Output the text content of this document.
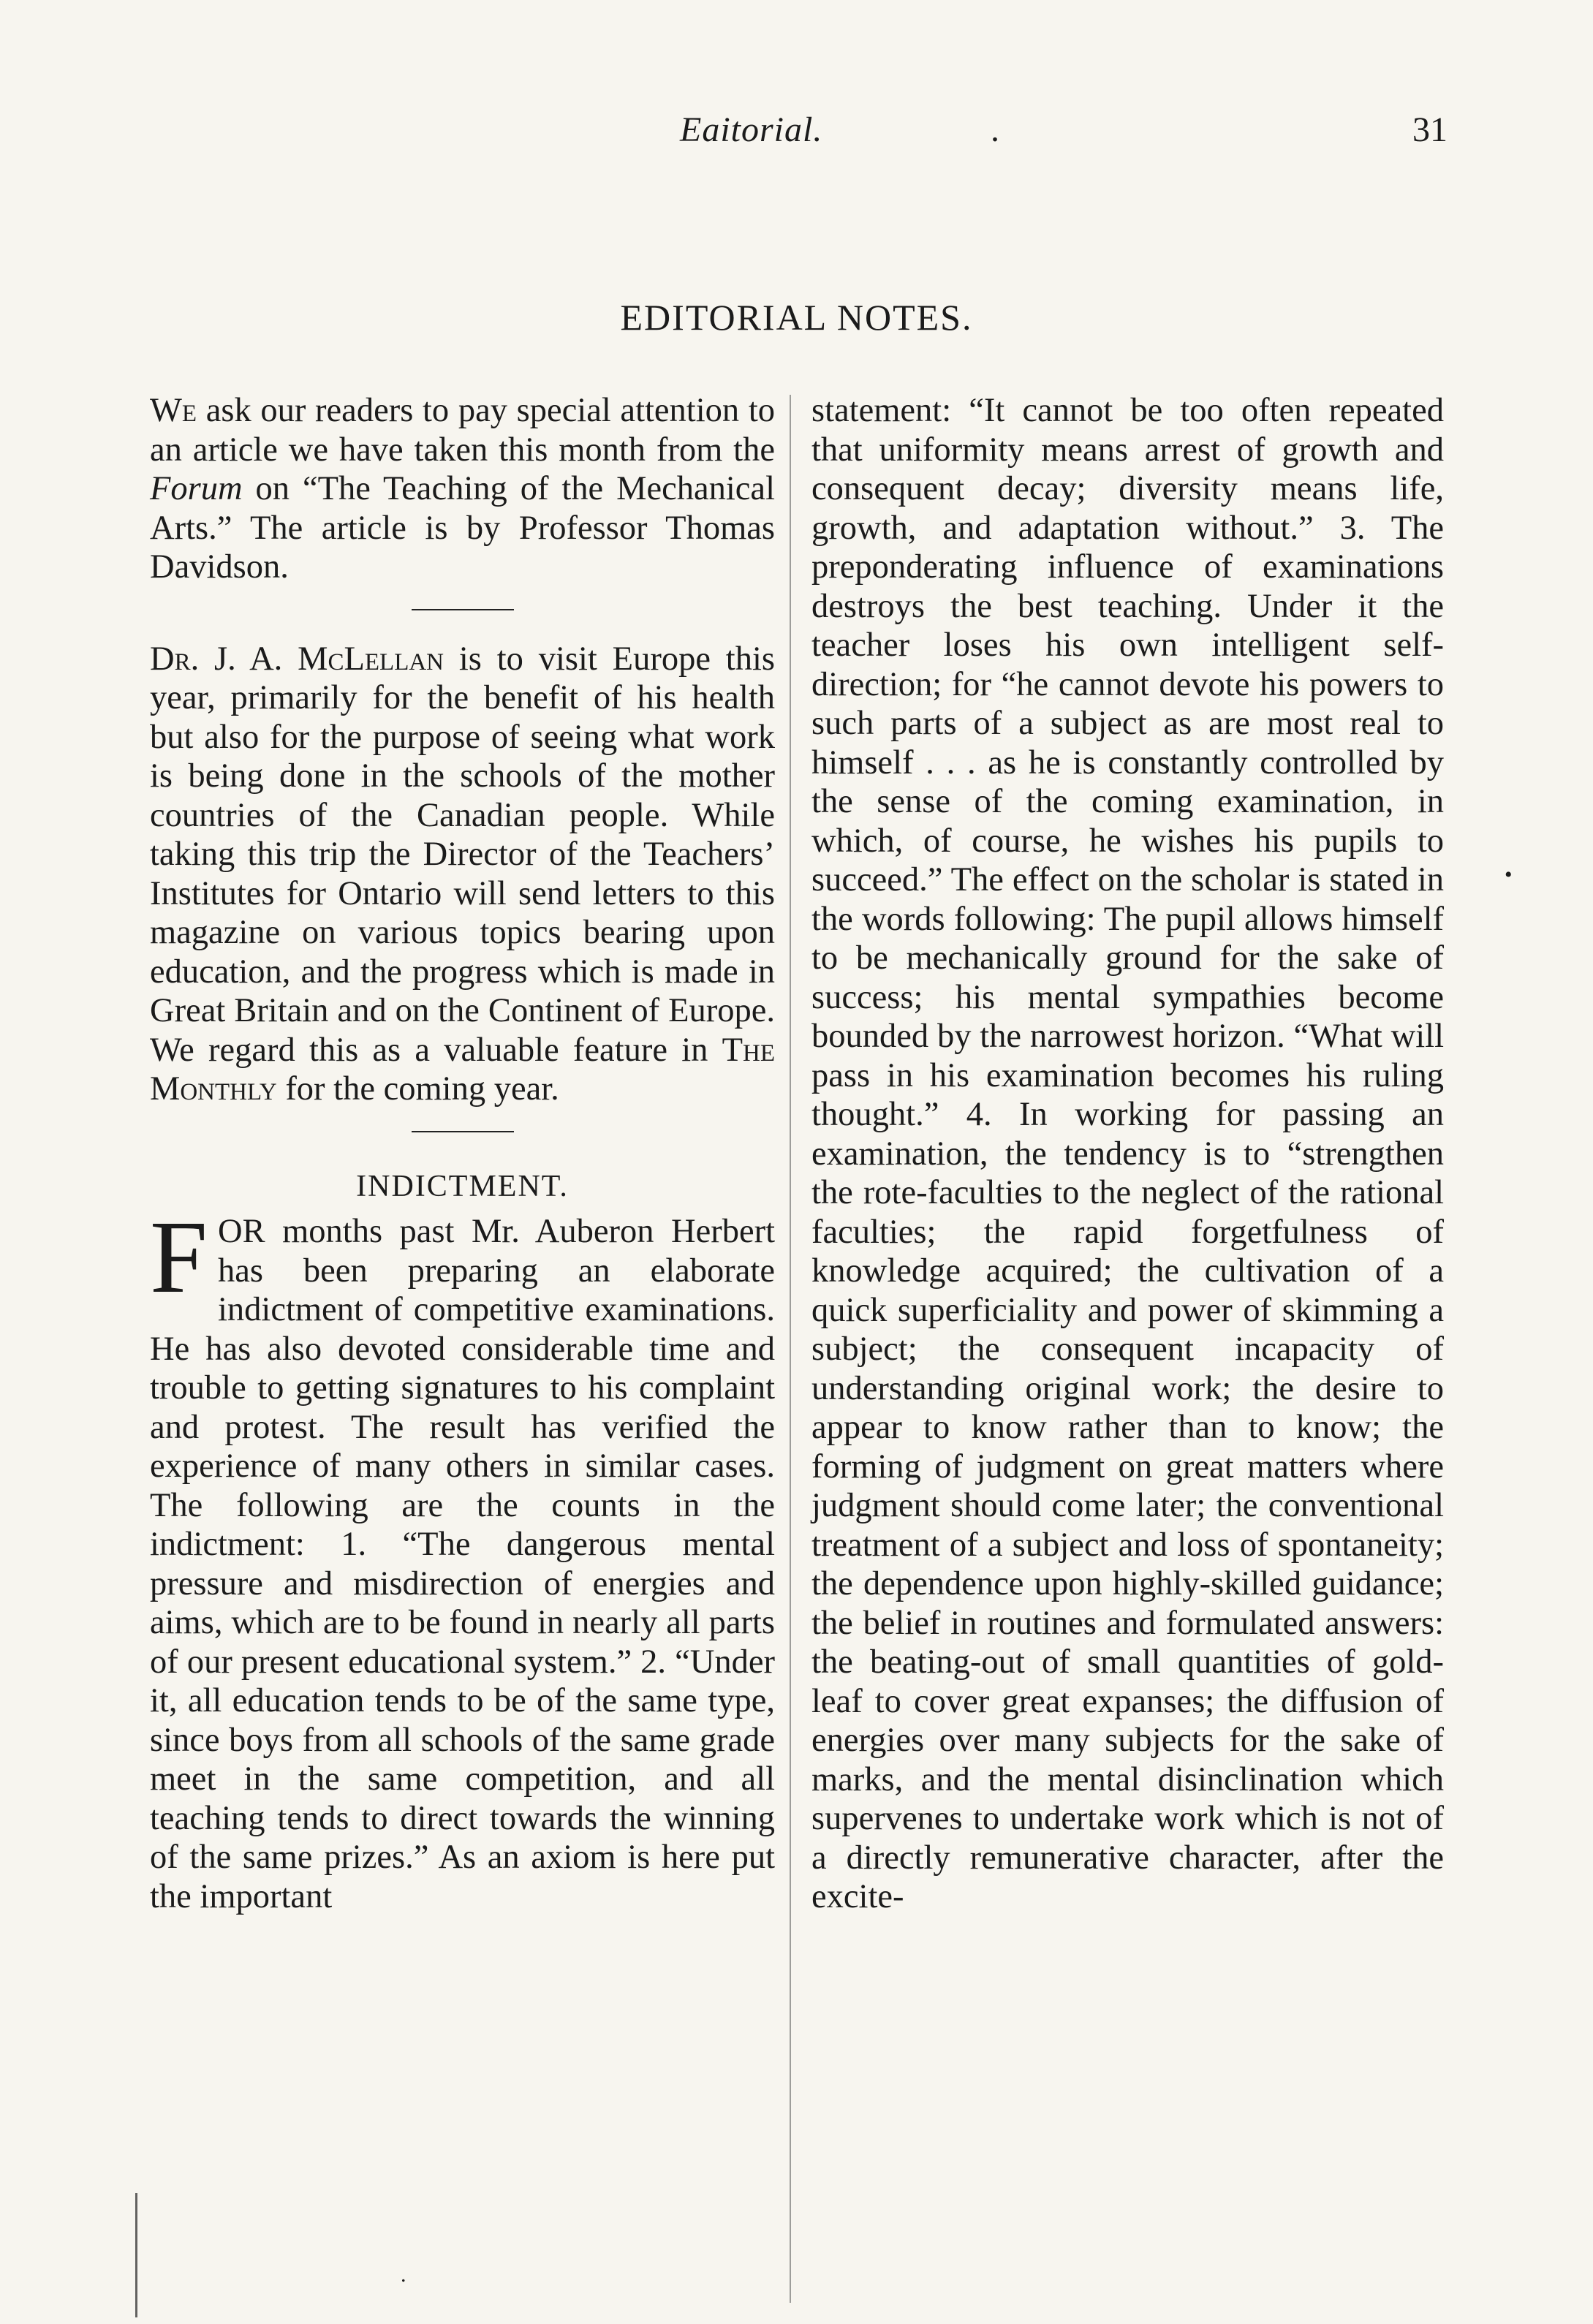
Eaitorial.	.	31
EDITORIAL NOTES.

We ask our readers to pay special attention to an article we have taken this month from the Forum on “The Teaching of the Mechanical Arts.” The article is by Professor Thomas Davidson.

Dr. J. A. McLellan is to visit Europe this year, primarily for the benefit of his health but also for the purpose of seeing what work is being done in the schools of the mother countries of the Canadian people. While taking this trip the Director of the Teachers’ Institutes for Ontario will send letters to this magazine on various topics bearing upon education, and the progress which is made in Great Britain and on the Continent of Europe. We regard this as a valuable feature in The Monthly for the coming year.

INDICTMENT.

FOR months past Mr. Auberon Herbert has been preparing an elaborate indictment of competitive examinations. He has also devoted considerable time and trouble to getting signatures to his complaint and protest. The result has verified the experience of many others in similar cases. The following are the counts in the indictment: 1. “The dangerous mental pressure and misdirection of energies and aims, which are to be found in nearly all parts of our present educational system.” 2. “Under it, all education tends to be of the same type, since boys from all schools of the same grade meet in the same competition, and all teaching tends to direct towards the winning of the same prizes.” As an axiom is here put the important

statement: “It cannot be too often repeated that uniformity means arrest of growth and consequent decay; diversity means life, growth, and adaptation without.” 3. The preponderating influence of examinations destroys the best teaching. Under it the teacher loses his own intelligent self-direction; for “he cannot devote his powers to such parts of a subject as are most real to himself . . . as he is constantly controlled by the sense of the coming examination, in which, of course, he wishes his pupils to succeed.” The effect on the scholar is stated in the words following: The pupil allows himself to be mechanically ground for the sake of success; his mental sympathies become bounded by the narrowest horizon. “What will pass in his examination becomes his ruling thought.” 4. In working for passing an examination, the tendency is to “strengthen the rote-faculties to the neglect of the rational faculties; the rapid forgetfulness of knowledge acquired; the cultivation of a quick superficiality and power of skimming a subject; the consequent incapacity of understanding original work; the desire to appear to know rather than to know; the forming of judgment on great matters where judgment should come later; the conventional treatment of a subject and loss of spontaneity; the dependence upon highly-skilled guidance; the belief in routines and formulated answers: the beating-out of small quantities of gold-leaf to cover great expanses; the diffusion of energies over many subjects for the sake of marks, and the mental disinclination which supervenes to undertake work which is not of a directly remunerative character, after the excite-

•
.
